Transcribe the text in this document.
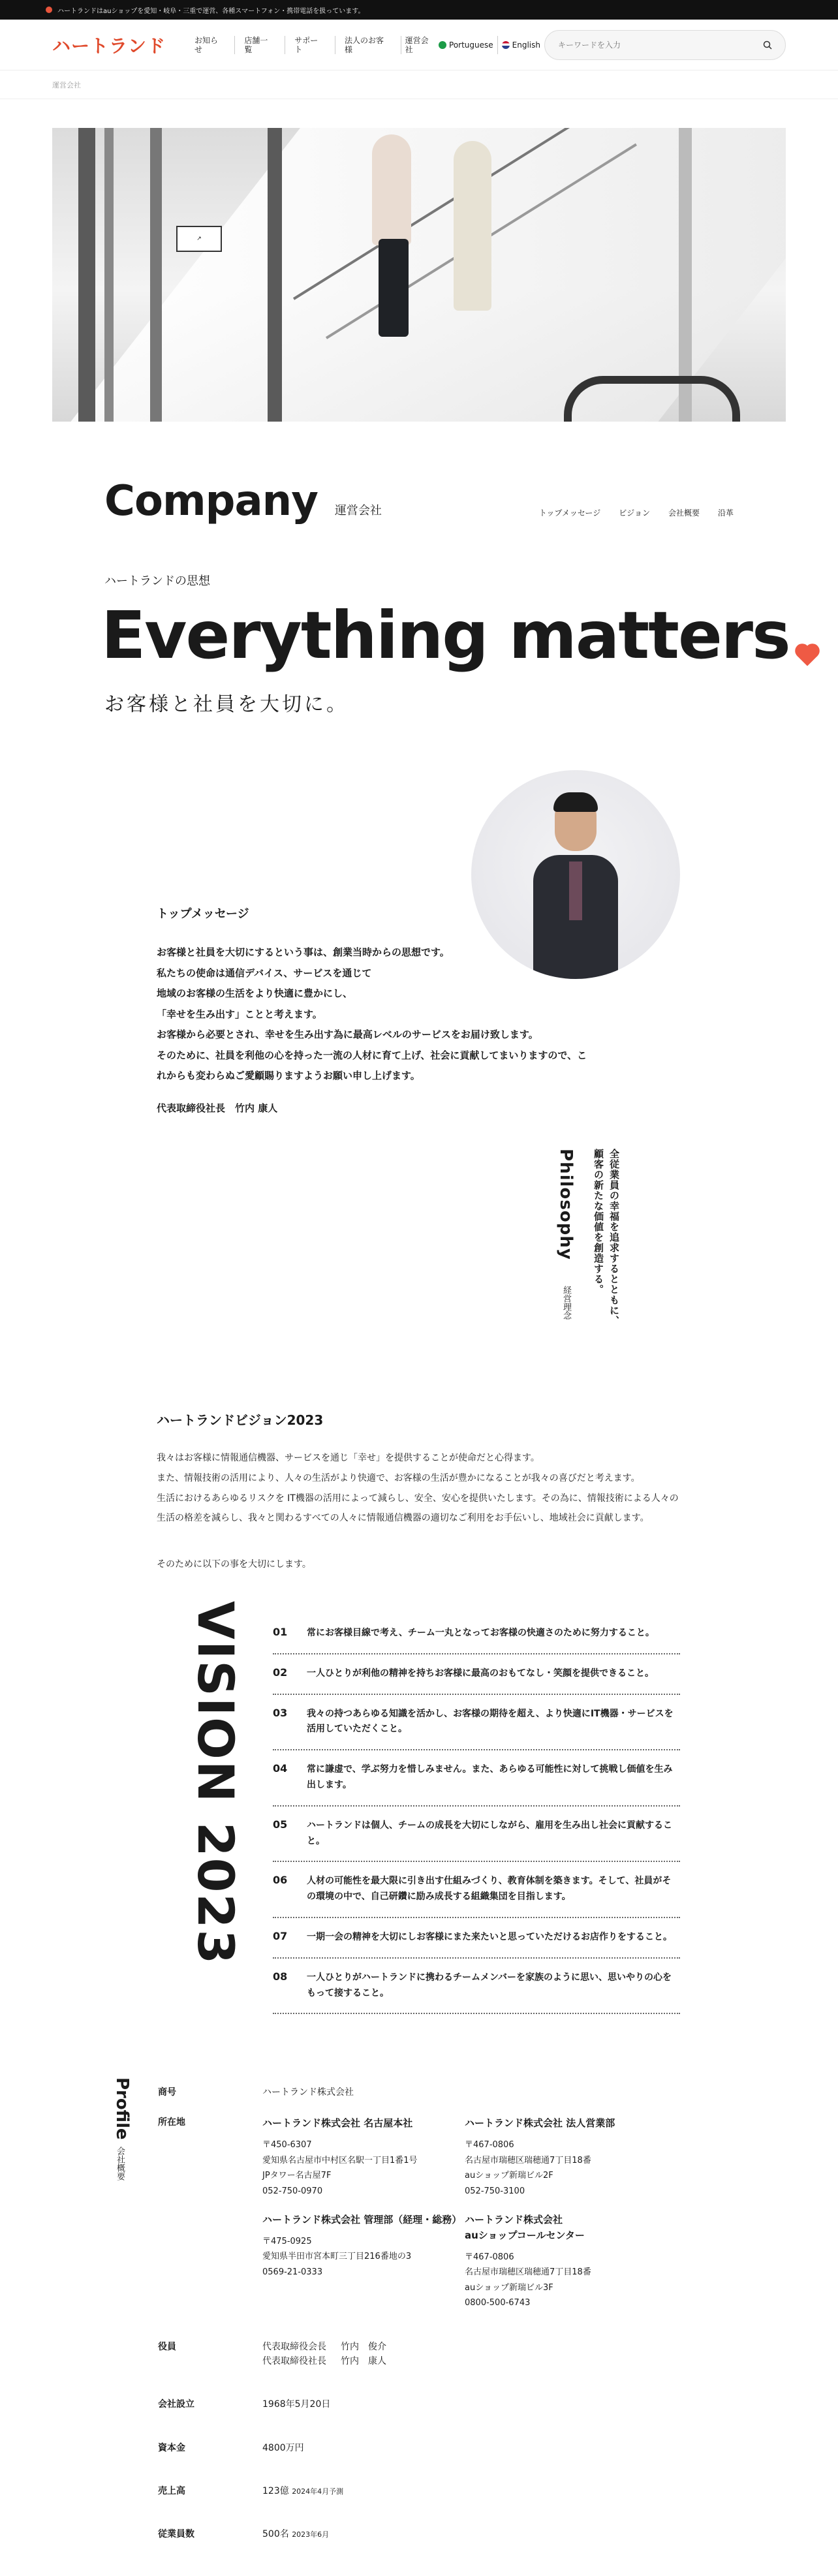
ハートランドはauショップを愛知・岐阜・三重で運営、各種スマートフォン・携帯電話を扱っています。
ハートランド	お知らせ
店舗一覧
サポート
法人のお客様
運営会社	Portuguese English
キーワードを入力
運営会社
↗
Company 運営会社	トップメッセージ ビジョン 会社概要 沿革
ハートランドの思想
Everything matters
お客様と社員を大切に。
トップメッセージ

お客様と社員を大切にするという事は、創業当時からの思想です。

私たちの使命は通信デバイス、サービスを通じて

地域のお客様の生活をより快適に豊かにし、

「幸せを生み出す」ことと考えます。

お客様から必要とされ、幸せを生み出す為に最高レベルのサービスをお届け致します。

そのために、社員を利他の心を持った一流の人材に育て上げ、社会に貢献してまいりますので、こ

れからも変わらぬご愛顧賜りますようお願い申し上げます。

代表取締役社長　竹内 康人
Philosophy
経営理念	全従業員の幸福を追求するとともに、
顧客の新たな価値を創造する。
ハートランドビジョン2023

我々はお客様に情報通信機器、サービスを通じ「幸せ」を提供することが使命だと心得ます。

また、情報技術の活用により、人々の生活がより快適で、お客様の生活が豊かになることが我々の喜びだと考えます。

生活におけるあらゆるリスクを IT機器の活用によって減らし、安全、安心を提供いたします。その為に、情報技術による人々の

生活の格差を減らし、我々と関わるすべての人々に情報通信機器の適切なご利用をお手伝いし、地域社会に貢献します。

そのために以下の事を大切にします。

VISION 2023	01	常にお客様目線で考え、チーム一丸となってお客様の快適さのために努力すること。
02	一人ひとりが利他の精神を持ちお客様に最高のおもてなし・笑顔を提供できること。
03	我々の持つあらゆる知識を活かし、お客様の期待を超え、より快適にIT機器・サービスを活用していただくこと。
04	常に謙虚で、学ぶ努力を惜しみません。また、あらゆる可能性に対して挑戦し価値を生み出します。
05	ハートランドは個人、チームの成長を大切にしながら、雇用を生み出し社会に貢献すること。
06	人材の可能性を最大限に引き出す仕組みづくり、教育体制を築きます。そして、社員がその環境の中で、自己研鑽に励み成長する組織集団を目指します。
07	一期一会の精神を大切にしお客様にまた来たいと思っていただけるお店作りをすること。
08	一人ひとりがハートランドに携わるチームメンバーを家族のように思い、思いやりの心をもって接すること。
Profile
会社概要
商号	ハートランド株式会社
所在地	ハートランド株式会社 名古屋本社
〒450-6307
愛知県名古屋市中村区名駅一丁目1番1号
JPタワー名古屋7F
052-750-0970
ハートランド株式会社 法人営業部
〒467-0806
名古屋市瑞穂区瑞穂通7丁目18番
auショップ新瑞ビル2F
052-750-3100
ハートランド株式会社 管理部（経理・総務）
〒475-0925
愛知県半田市宮本町三丁目216番地の3
0569-21-0333
ハートランド株式会社
auショップコールセンター
〒467-0806
名古屋市瑞穂区瑞穂通7丁目18番
auショップ新瑞ビル3F
0800-500-6743
役員	代表取締役会長 竹内　俊介
代表取締役社長 竹内　康人
会社設立	1968年5月20日
資本金	4800万円
売上高	123億 2024年4月予測
従業員数	500名 2023年6月
